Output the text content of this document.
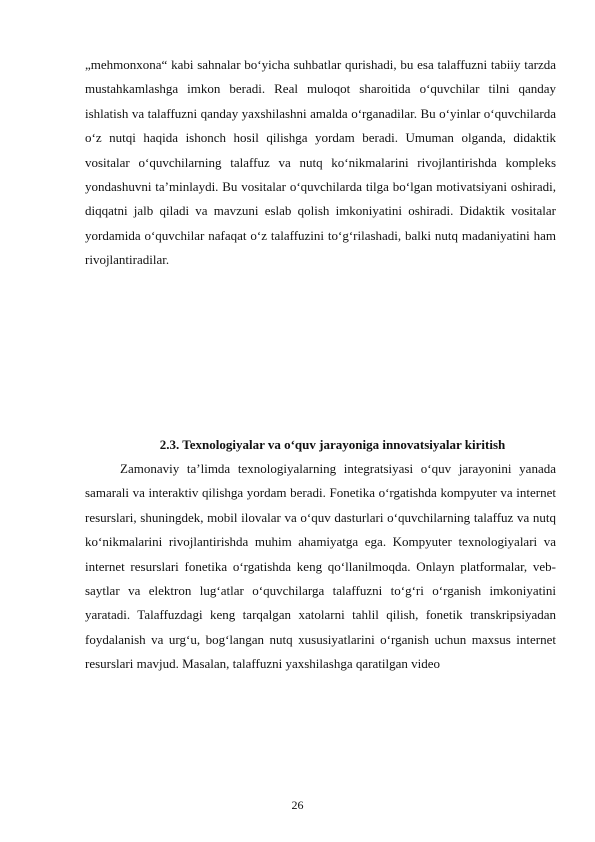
„mehmonxona“ kabi sahnalar bo‘yicha suhbatlar qurishadi, bu esa talaffuzni tabiiy tarzda mustahkamlashga imkon beradi. Real muloqot sharoitida o‘quvchilar tilni qanday ishlatish va talaffuzni qanday yaxshilashni amalda o‘rganadilar. Bu o‘yinlar o‘quvchilarda o‘z nutqi haqida ishonch hosil qilishga yordam beradi. Umuman olganda, didaktik vositalar o‘quvchilarning talaffuz va nutq ko‘nikmalarini rivojlantirishda kompleks yondashuvni ta’minlaydi. Bu vositalar o‘quvchilarda tilga bo‘lgan motivatsiyani oshiradi, diqqatni jalb qiladi va mavzuni eslab qolish imkoniyatini oshiradi. Didaktik vositalar yordamida o‘quvchilar nafaqat o‘z talaffuzini to‘g‘rilashadi, balki nutq madaniyatini ham rivojlantiradilar.

2.3. Texnologiyalar va o‘quv jarayoniga innovatsiyalar kiritish

Zamonaviy ta’limda texnologiyalarning integratsiyasi o‘quv jarayonini yanada samarali va interaktiv qilishga yordam beradi. Fonetika o‘rgatishda kompyuter va internet resurslari, shuningdek, mobil ilovalar va o‘quv dasturlari o‘quvchilarning talaffuz va nutq ko‘nikmalarini rivojlantirishda muhim ahamiyatga ega. Kompyuter texnologiyalari va internet resurslari fonetika o‘rgatishda keng qo‘llanilmoqda. Onlayn platformalar, veb-saytlar va elektron lug‘atlar o‘quvchilarga talaffuzni to‘g‘ri o‘rganish imkoniyatini yaratadi. Talaffuzdagi keng tarqalgan xatolarni tahlil qilish, fonetik transkripsiyadan foydalanish va urg‘u, bog‘langan nutq xususiyatlarini o‘rganish uchun maxsus internet resurslari mavjud. Masalan, talaffuzni yaxshilashga qaratilgan video

26
